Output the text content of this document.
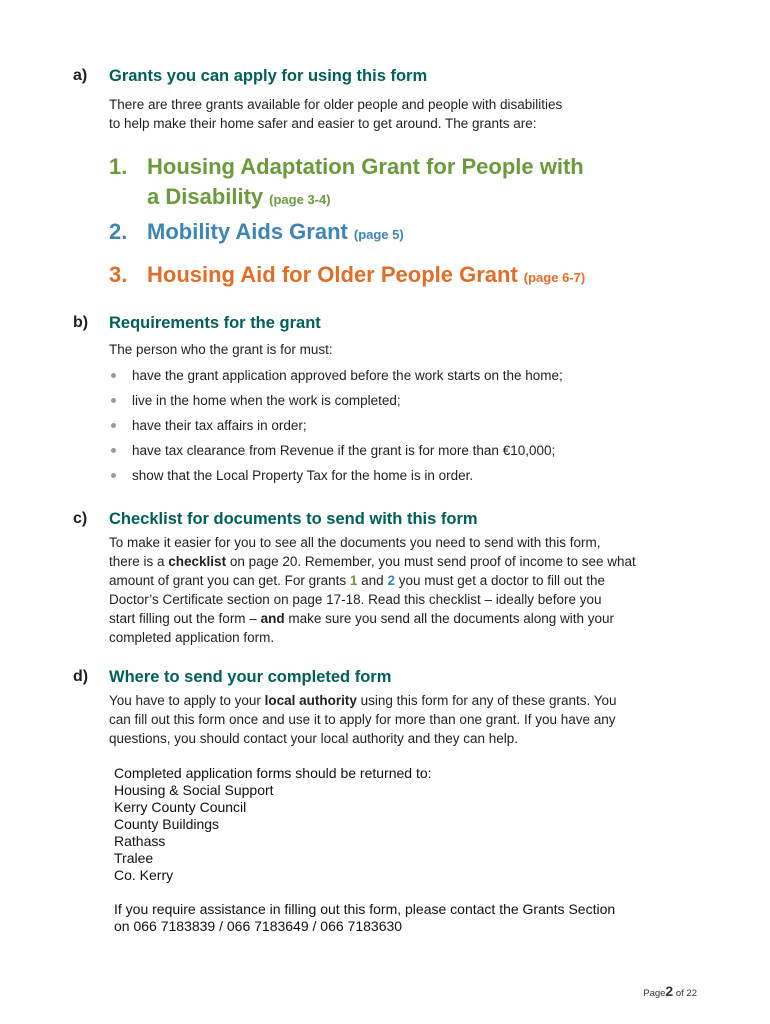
a) Grants you can apply for using this form
There are three grants available for older people and people with disabilities
to help make their home safer and easier to get around. The grants are:
1. Housing Adaptation Grant for People with
a Disability (page 3-4)
2. Mobility Aids Grant (page 5)
3. Housing Aid for Older People Grant (page 6-7)
b) Requirements for the grant
The person who the grant is for must:
have the grant application approved before the work starts on the home;
live in the home when the work is completed;
have their tax affairs in order;
have tax clearance from Revenue if the grant is for more than €10,000;
show that the Local Property Tax for the home is in order.
c) Checklist for documents to send with this form
To make it easier for you to see all the documents you need to send with this form,
there is a checklist on page 20. Remember, you must send proof of income to see what
amount of grant you can get. For grants 1 and 2 you must get a doctor to fill out the
Doctor’s Certificate section on page 17-18. Read this checklist – ideally before you
start filling out the form – and make sure you send all the documents along with your
completed application form.
d) Where to send your completed form
You have to apply to your local authority using this form for any of these grants. You
can fill out this form once and use it to apply for more than one grant. If you have any
questions, you should contact your local authority and they can help.
Completed application forms should be returned to:
Housing & Social Support
Kerry County Council
County Buildings
Rathass
Tralee
Co. Kerry
If you require assistance in filling out this form, please contact the Grants Section
on 066 7183839 / 066 7183649 / 066 7183630
Page2 of 22
